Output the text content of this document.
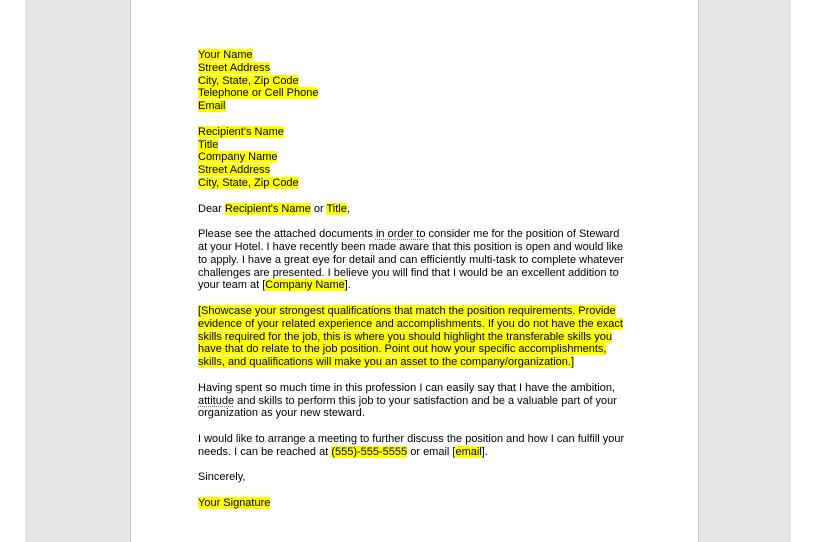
Your Name
Street Address
City, State, Zip Code
Telephone or Cell Phone
Email
Recipient's Name
Title
Company Name
Street Address
City, State, Zip Code
Dear Recipient's Name or Title,
Please see the attached documents in order to consider me for the position of Steward
at your Hotel. I have recently been made aware that this position is open and would like
to apply. I have a great eye for detail and can efficiently multi-task to complete whatever
challenges are presented. I believe you will find that I would be an excellent addition to
your team at [Company Name].
[Showcase your strongest qualifications that match the position requirements. Provide
evidence of your related experience and accomplishments. If you do not have the exact
skills required for the job, this is where you should highlight the transferable skills you
have that do relate to the job position. Point out how your specific accomplishments,
skills, and qualifications will make you an asset to the company/organization.]
Having spent so much time in this profession I can easily say that I have the ambition,
attitude and skills to perform this job to your satisfaction and be a valuable part of your
organization as your new steward.
I would like to arrange a meeting to further discuss the position and how I can fulfill your
needs. I can be reached at (555)-555-5555 or email [email].
Sincerely,
Your Signature
